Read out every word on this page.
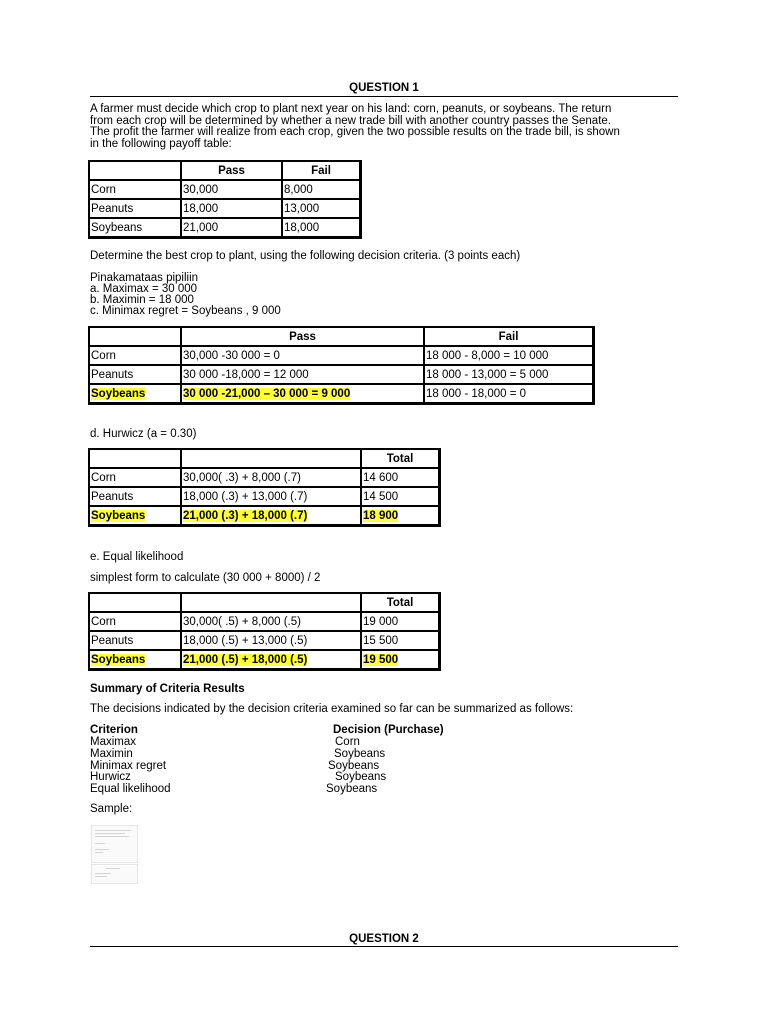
QUESTION 1
A farmer must decide which crop to plant next year on his land: corn, peanuts, or soybeans. The return
from each crop will be determined by whether a new trade bill with another country passes the Senate.
The profit the farmer will realize from each crop, given the two possible results on the trade bill, is shown
in the following payoff table:
	Pass	Fail
Corn	30,000	8,000
Peanuts	18,000	13,000
Soybeans	21,000	18,000
Determine the best crop to plant, using the following decision criteria. (3 points each)
Pinakamataas pipiliin
a. Maximax = 30 000
b. Maximin = 18 000
c. Minimax regret = Soybeans , 9 000
	Pass	Fail
Corn	30,000 -30 000 = 0	18 000 - 8,000 = 10 000
Peanuts	30 000 -18,000 = 12 000	18 000 - 13,000 = 5 000
Soybeans	30 000 -21,000 – 30 000 = 9 000	18 000 - 18,000 = 0
d. Hurwicz (a = 0.30)
		Total
Corn	30,000( .3) + 8,000 (.7)	14 600
Peanuts	18,000 (.3) + 13,000 (.7)	14 500
Soybeans	21,000 (.3) + 18,000 (.7)	18 900
e. Equal likelihood
simplest form to calculate (30 000 + 8000) / 2
		Total
Corn	30,000( .5) + 8,000 (.5)	19 000
Peanuts	18,000 (.5) + 13,000 (.5)	15 500
Soybeans	21,000 (.5) + 18,000 (.5)	19 500
Summary of Criteria Results
The decisions indicated by the decision criteria examined so far can be summarized as follows:
Criterion	Decision (Purchase)
Maximax	Corn
Maximin	Soybeans
Minimax regret	Soybeans
Hurwicz	Soybeans
Equal likelihood	Soybeans
Sample:
QUESTION 2
